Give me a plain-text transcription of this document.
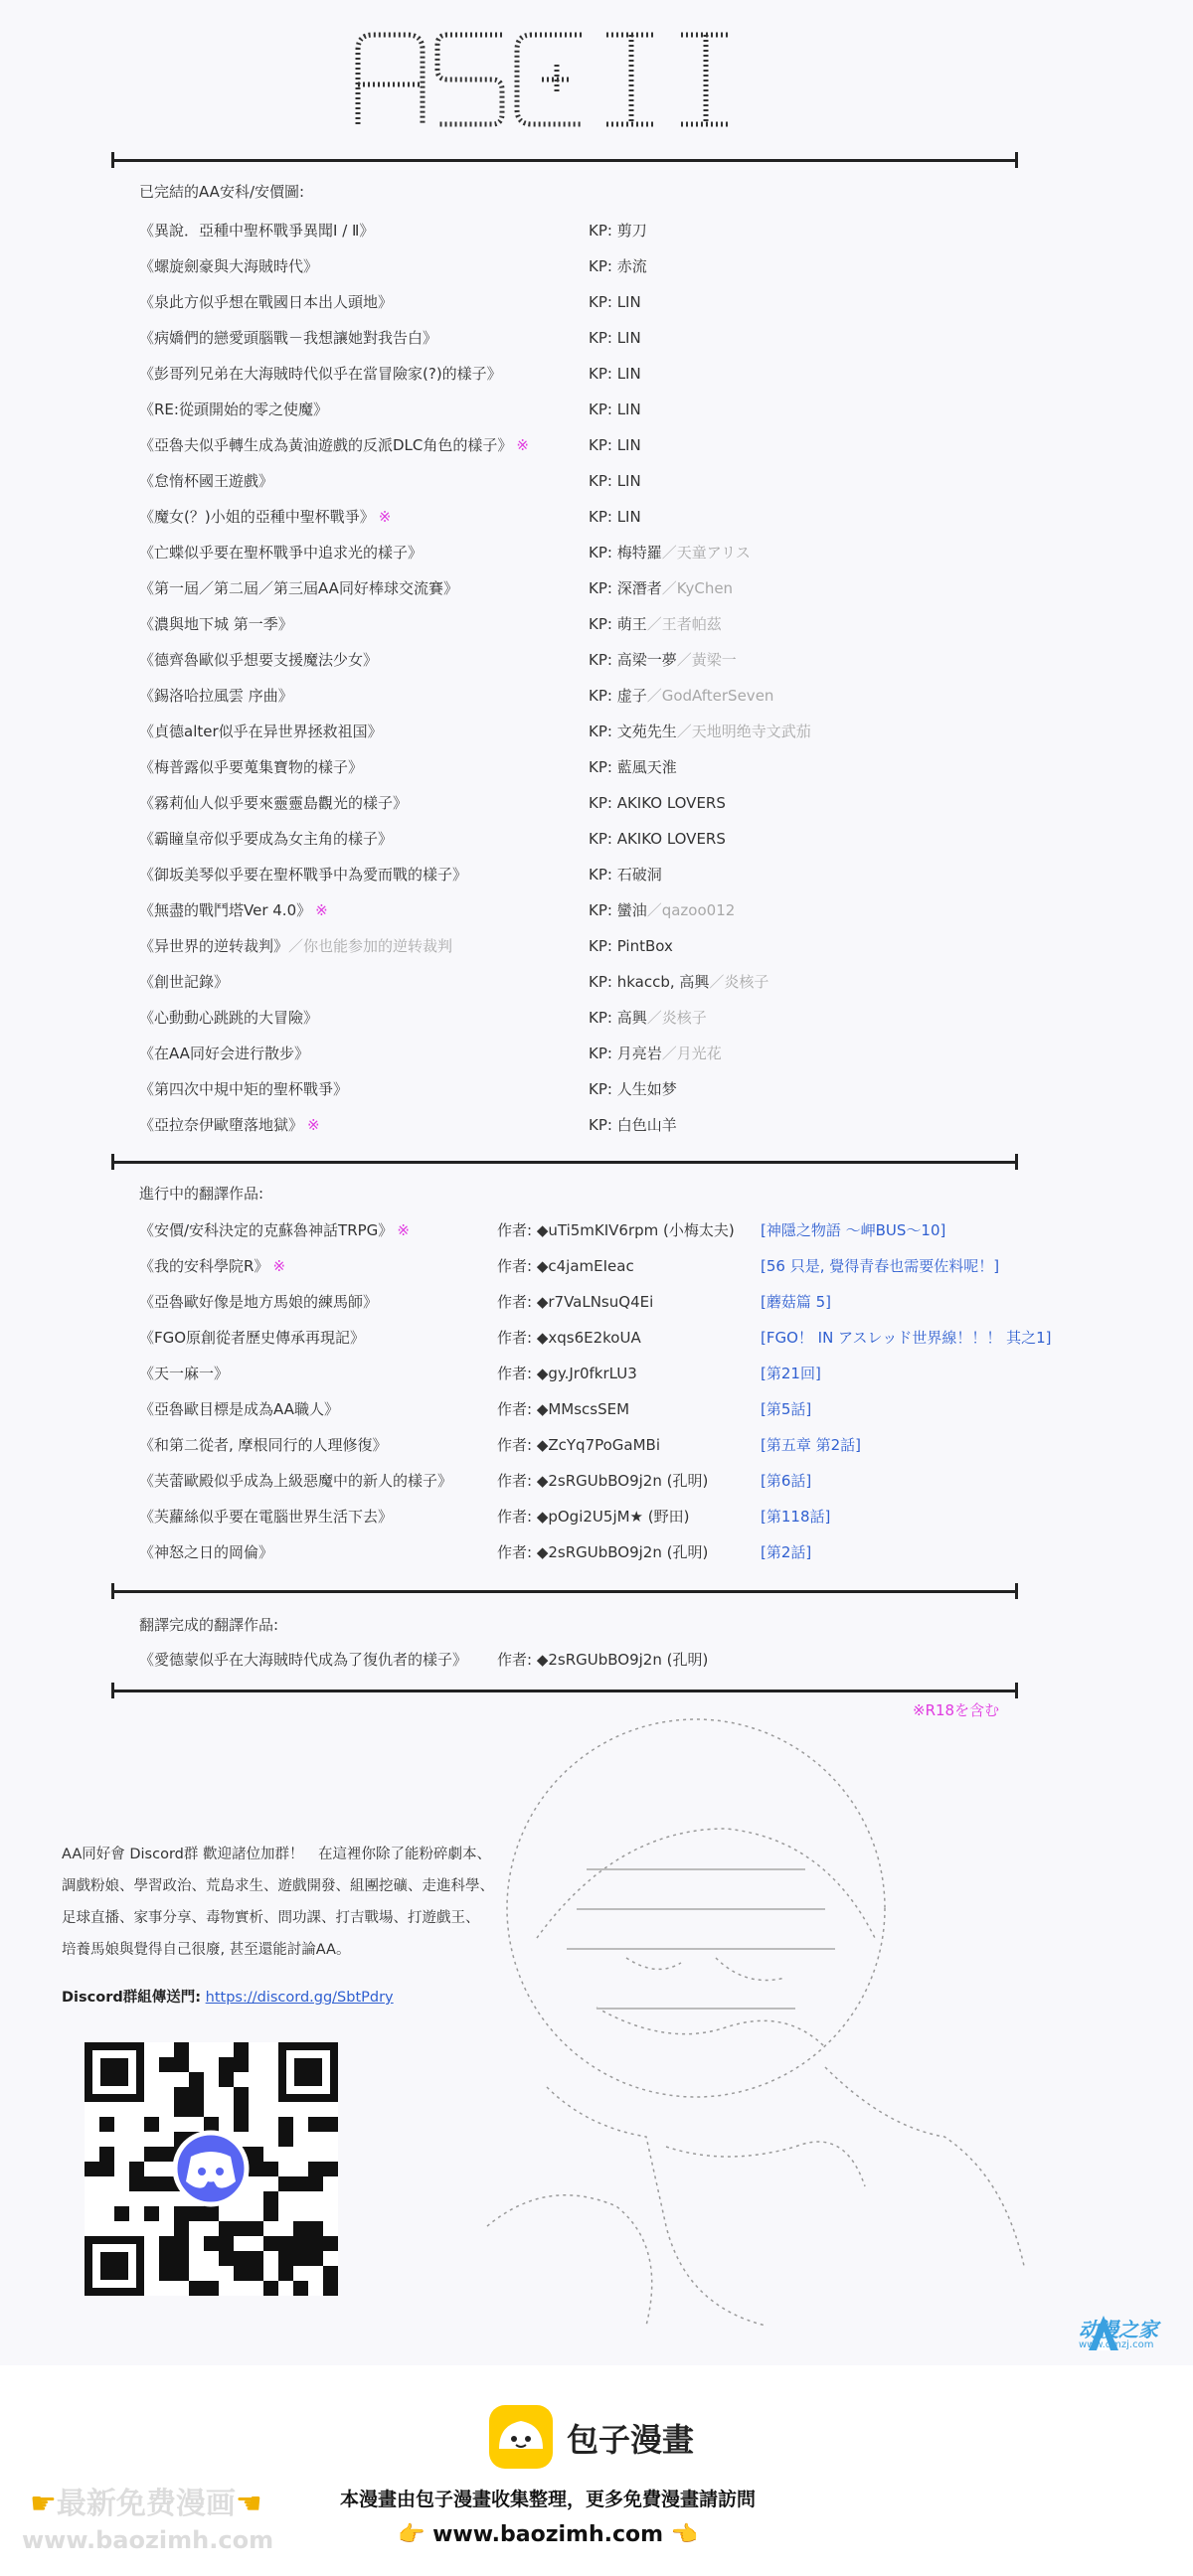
ASCII
已完結的AA安科/安價圖:
《異說．亞種中聖杯戰爭異聞Ⅰ / Ⅱ》	KP: 剪刀
《螺旋劍豪與大海賊時代》	KP: 赤流
《泉此方似乎想在戰國日本出人頭地》	KP: LIN
《病嬌們的戀愛頭腦戰－我想讓她對我告白》	KP: LIN
《彭哥列兄弟在大海賊時代似乎在當冒險家(?)的樣子》	KP: LIN
《RE:從頭開始的零之使魔》	KP: LIN
《亞魯夫似乎轉生成為黃油遊戲的反派DLC角色的樣子》 ※	KP: LIN
《怠惰杯國王遊戲》	KP: LIN
《魔女(？)小姐的亞種中聖杯戰爭》 ※	KP: LIN
《亡蝶似乎要在聖杯戰爭中追求光的樣子》	KP: 梅特羅／天童アリス
《第一屆／第二屆／第三屆AA同好棒球交流賽》	KP: 深潛者／KyChen
《濃與地下城 第一季》	KP: 萌王／王者帕茲
《德齊魯歐似乎想要支援魔法少女》	KP: 高梁一夢／黃梁一
《錫洛哈拉風雲 序曲》	KP: 虚子／GodAfterSeven
《貞德alter似乎在异世界拯救祖国》	KP: 文苑先生／天地明绝寺文武茄
《梅普露似乎要蒐集寶物的樣子》	KP: 藍風天淮
《霧莉仙人似乎要來靈靈島觀光的樣子》	KP: AKIKO LOVERS
《霸瞳皇帝似乎要成為女主角的樣子》	KP: AKIKO LOVERS
《御坂美琴似乎要在聖杯戰爭中為愛而戰的樣子》	KP: 石破洞
《無盡的戰鬥塔Ver 4.0》 ※	KP: 蠻油／qazoo012
《异世界的逆转裁判》／你也能参加的逆转裁判	KP: PintBox
《創世記錄》	KP: hkaccb, 高興／炎核子
《心動動心跳跳的大冒險》	KP: 高興／炎核子
《在AA同好会进行散步》	KP: 月亮岩／月光花
《第四次中規中矩的聖杯戰爭》	KP: 人生如梦
《亞拉奈伊歐墮落地獄》 ※	KP: 白色山羊
進行中的翻譯作品:
《安價/安科決定的克蘇魯神話TRPG》 ※	作者: ◆uTi5mKIV6rpm (小梅太夫) [神隱之物語 ～岬BUS～10]
《我的安科學院R》 ※	作者: ◆c4jamEIeac	[56 只是, 覺得青春也需要佐料呢！]
《亞魯歐好像是地方馬娘的練馬師》	作者: ◆r7VaLNsuQ4Ei	[蘑菇篇 5]
《FGO原創從者歷史傳承再現記》	作者: ◆xqs6E2koUA	[FGO！ IN アスレッド世界線！！！ 其之1]
《天一麻一》	作者: ◆gy.Jr0fkrLU3	[第21回]
《亞魯歐目標是成為AA職人》	作者: ◆MMscsSEM	[第5話]
《和第二從者, 摩根同行的人理修復》	作者: ◆ZcYq7PoGaMBi	[第五章 第2話]
《芙蕾歐殿似乎成為上級惡魔中的新人的樣子》	作者: ◆2sRGUbBO9j2n (孔明)	[第6話]
《芙蘿絲似乎要在電腦世界生活下去》	作者: ◆pOgi2U5jM★ (野田)	[第118話]
《神怒之日的岡倫》	作者: ◆2sRGUbBO9j2n (孔明)	[第2話]
翻譯完成的翻譯作品:
《愛德蒙似乎在大海賊時代成為了復仇者的樣子》 作者: ◆2sRGUbBO9j2n (孔明)
※R18を含む
AA同好會 Discord群 歡迎諸位加群！　在這裡你除了能粉碎劇本、
調戲粉娘、學習政治、荒島求生、遊戲開發、組團挖礦、走進科學、
足球直播、家事分享、毒物實析、問功課、打吉戰場、打遊戲王、
培養馬娘與覺得自己很廢, 甚至還能討論AA。
Discord群組傳送門: https://discord.gg/SbtPdry
动漫之家
www.dmzj.com
☛最新免费漫画☚
www.baozimh.com
包子漫畫
本漫畫由包子漫畫收集整理，更多免費漫畫請訪問
👉 www.baozimh.com 👈
